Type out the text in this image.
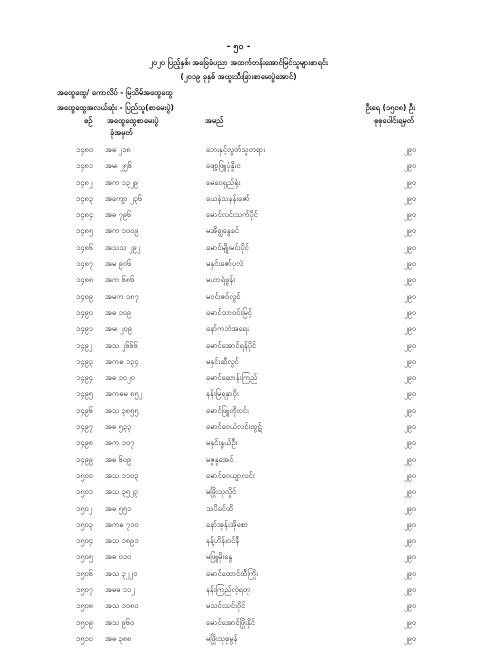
- ၅၀ -
၂၀၂၀ ပြည့်နှစ်၊ အခြေခံပညာ အထက်တန်းအောင်မြင်သူများစာရင်း
(၂၀၁၉ ခုနှစ် အထူးသီးခြားစာမေးပွဲအောင်)
အထွေထွေ/ ကောလိပ် - မြသိမ်အထွေထွေ
အထွေထွေအလယ်ဆုံး - ပြည်သူ(စာမေးပွဲ)	ဦးရေ (၁၅၀၈) ဦး
စဉ် အထွေထွေစာမေးပွဲ
ခုံအမှတ်
အမည်	စုစုပေါင်းရမှတ်
၁၄၈၀ အဓ ၂၁၈	ဘေးနှင့်လွတ်သူတရား	၂၉၀
၁၄၈၁ အမ၊ ၂၅၆	ဖျော့ဖြူပုံနှိုးဝ	၂၉၀
၁၄၈၂ အက ၁၃၂၉	မေဝေရှည်ရုံး	၂၉၀
၁၄၈၃ အကျော ၂၃၆	ယေနဲသနန်းဇော်	၂၉၀
၁၄၈၄ အဓ ၇၉၆	မောင်လင်းသက်ပိုင်	၂၉၀
၁၄၈၅ အက ၁၀၀၉	မအိချွနွေခင်	၂၉၀
၁၄၈၆ အသသ ၂၉၂	မောင်မျိုးမင်းပိုင်	၂၉၀
၁၄၈၇ အမ ၉၀၆	မနှင်းဇော်ပုလဲ	၂၉၀
၁၄၈၈ အက ၆၈၆	မဟာရဲဖွန်း	၂၉၀
၁၄၈၉ အမက ၁၈၇	မဝင်းဇဝ်လွင်	၂၉၀
၁၄၉၀ အဓ ၁၀၉	မောင်သာဝင်းမြင့်	၂၉၀
၁၄၉၁ အမ၊ ၂၀၉	နော်ကဘဲအရေး	၂၉၀
၁၄၉၂ အသ ၂၆၆၆	မောင်အောင်ရန်ပိုင်	၂၉၀
၁၄၉၃ အကဓ ၁၃၄	မနှင်းဆီလွင်	၂၉၀
၁၄၉၄ အဓ ၁၀၂၀	မောင်ဆောန်းကြည်	၂၉၀
၁၄၉၅ အကဓမ ၈၅၂	နန်းမြရနှာဝိုး	၂၉၀
၁၄၉၆ အသ ၃၈၅၅	မောင်ဖြူတိုးဝင်း	၂၉၀
၁၄၉၇ အဓ ၅၃၃	မောင်ဝေယံလင်းထွဋ်	၂၉၀
၁၄၉၈ အက ၁၀၇	မနှင်းနွယ်ဦး	၂၉၀
၁၄၉၉ အဓ ၆၀၉	မဇူနူအေင်	၂၉၀
၁၅၀၀ အသ ၁၁၀၃	မောင်ဝေယျာလင်း	၂၉၀
၁၅၀၁ အသ ၃၅၂၃	မဖြိုးသုလှိုင်	၂၉၀
၁၅၀၂ အဓ ၅၅၁	သပိခင်ထိ	၂၉၀
၁၅၀၃ အကဓ ၇၁၀	နော်အုန်းအိုစော	၂၉၀
၁၅၀၄ အသ ၁၈၉၁	နန့်ဟိန်းဝင်နီ	၂၉၀
၁၅၀၅ အဓ ၀၁၀	မဖြူမိုးနွေ	၂၉၀
၁၅၀၆ အသ ၃၂၂၀	မောင်ထောင်ထီကြိုး	၂၉၀
၁၅၀၇ အဓဓ ၁၁၂	နန်းကြည်လဲ့ရတု	၂၉၀
၁၅၀၈ အသ ၁၀၈၀	မသင်းသင်းဝိုင်	၂၉၀
၁၅၀၉ အသ ၉၆၀	မောင်အောင်ဖြိုးနိုင်	၂၉၀
၁၅၁၀ အဓ ၃၈၈	မဖြိုးသုစုမွန်	၂၉၀
